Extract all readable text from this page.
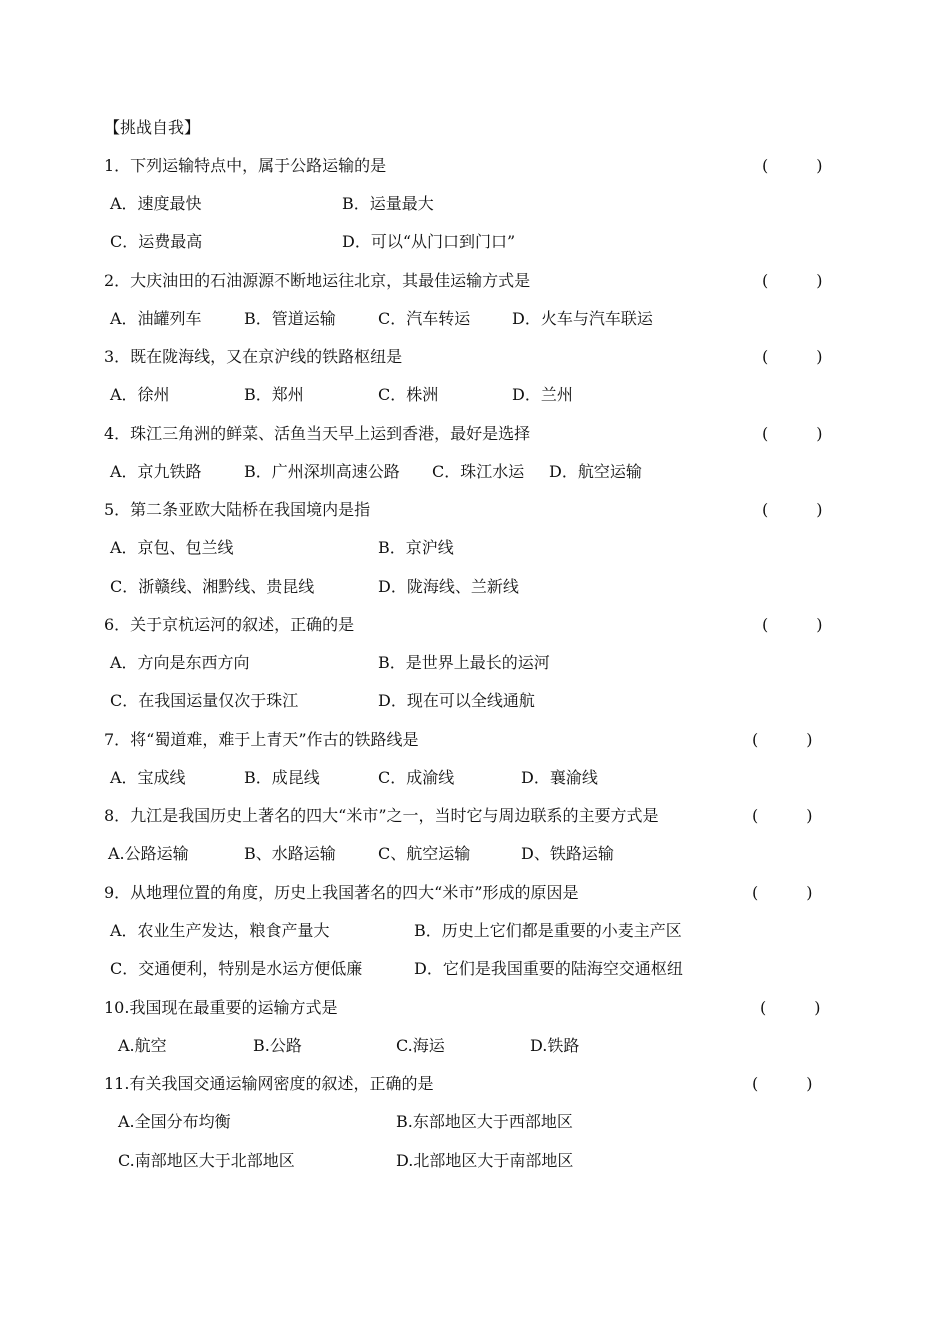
【挑战自我】
1．下列运输特点中，属于公路运输的是	(　　　)
A．速度最快	B．运量最大
C．运费最高	D．可以“从门口到门口”
2．大庆油田的石油源源不断地运往北京，其最佳运输方式是	(　　　)
A．油罐列车	B．管道运输	C．汽车转运	D．火车与汽车联运
3．既在陇海线，又在京沪线的铁路枢纽是	(　　　)
A．徐州	B．郑州	C．株洲	D．兰州
4．珠江三角洲的鲜菜、活鱼当天早上运到香港，最好是选择	(　　　)
A．京九铁路	B．广州深圳高速公路 C．珠江水运 D．航空运输
5．第二条亚欧大陆桥在我国境内是指	(　　　)
A．京包、包兰线	B．京沪线
C．浙赣线、湘黔线、贵昆线	D．陇海线、兰新线
6．关于京杭运河的叙述，正确的是	(　　　)
A．方向是东西方向	B．是世界上最长的运河
C．在我国运量仅次于珠江	D．现在可以全线通航
7．将“蜀道难，难于上青天”作古的铁路线是	(　　　)
A．宝成线	B．成昆线	C．成渝线	D．襄渝线
8．九江是我国历史上著名的四大“米市”之一，当时它与周边联系的主要方式是	(　　　)
A.公路运输	B、水路运输	C、航空运输	D、铁路运输
9．从地理位置的角度，历史上我国著名的四大“米市”形成的原因是	(　　　)
A．农业生产发达，粮食产量大	B．历史上它们都是重要的小麦主产区
C．交通便利，特别是水运方便低廉	D．它们是我国重要的陆海空交通枢纽
10.我国现在最重要的运输方式是	(　　　)
A.航空	B.公路	C.海运	D.铁路
11.有关我国交通运输网密度的叙述，正确的是	(　　　)
A.全国分布均衡	B.东部地区大于西部地区
C.南部地区大于北部地区	D.北部地区大于南部地区
